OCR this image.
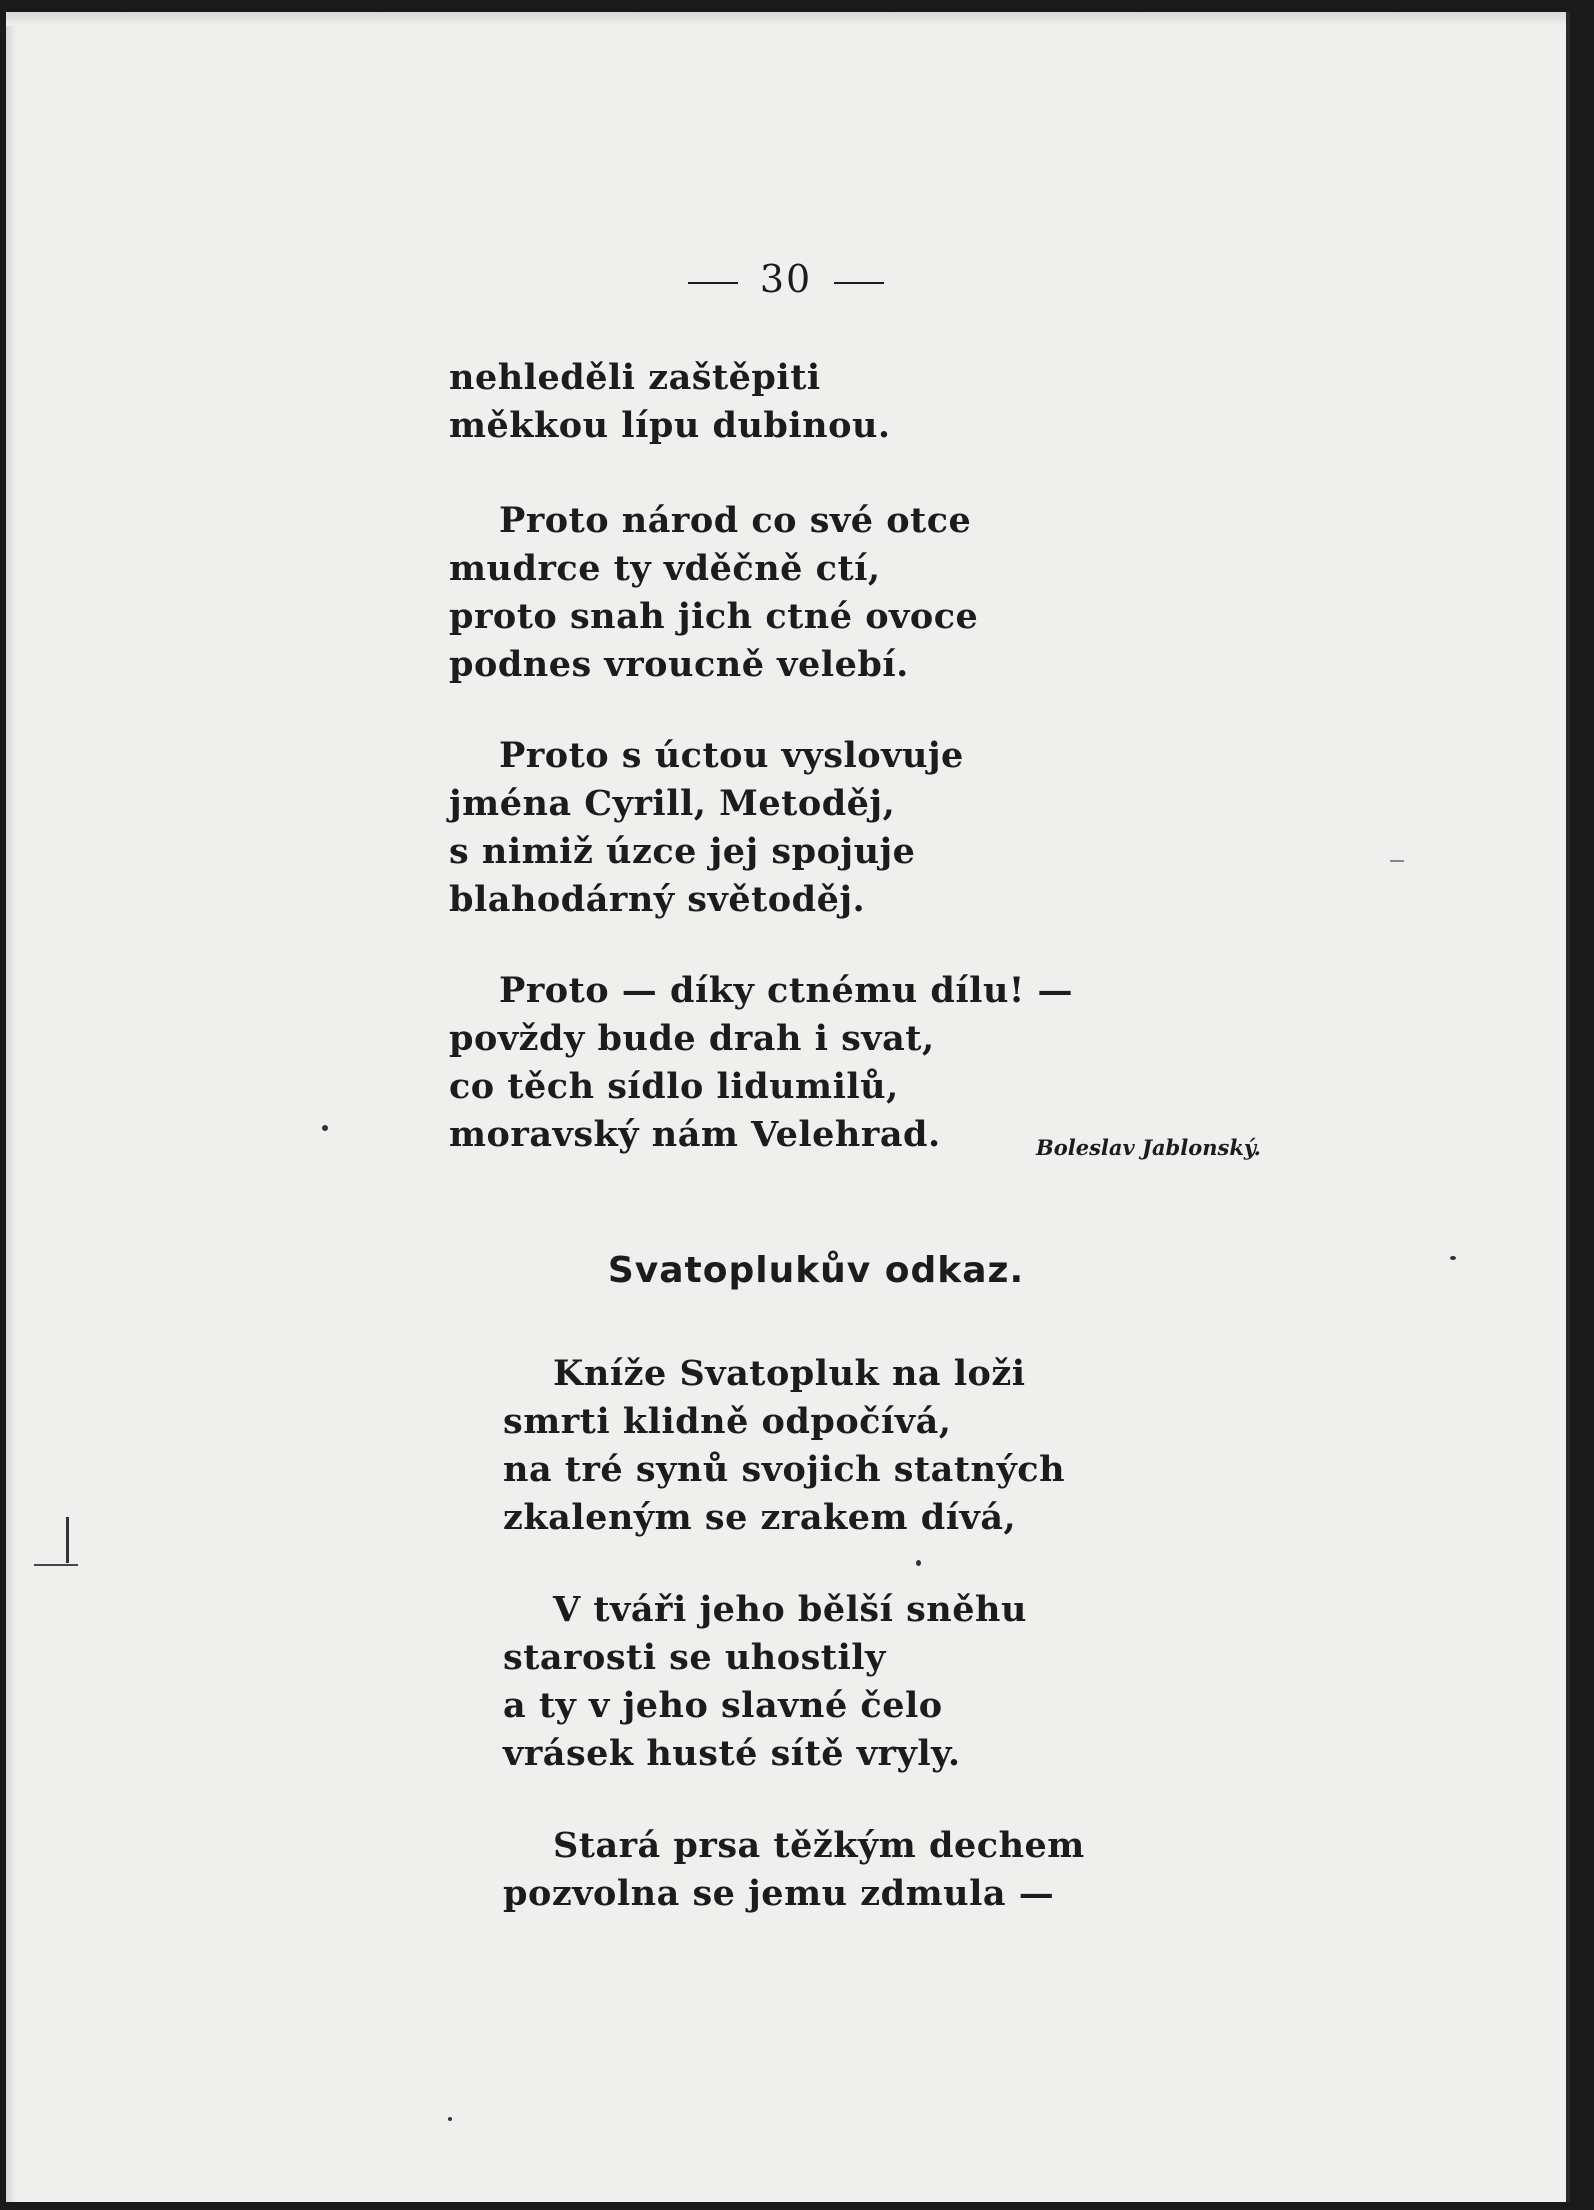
30
nehleděli zaštěpiti
měkkou lípu dubinou.
Proto národ co své otce
mudrce ty vděčně ctí,
proto snah jich ctné ovoce
podnes vroucně velebí.
Proto s úctou vyslovuje
jména Cyrill, Metoděj,
s nimiž úzce jej spojuje
blahodárný světoděj.
Proto — díky ctnému dílu! —
povždy bude drah i svat,
co těch sídlo lidumilů,
moravský nám Velehrad.	Boleslav Jablonský.
Svatoplukův odkaz.
Kníže Svatopluk na loži
smrti klidně odpočívá,
na tré synů svojich statných
zkaleným se zrakem dívá,
V tváři jeho bělší sněhu
starosti se uhostily
a ty v jeho slavné čelo
vrásek husté sítě vryly.
Stará prsa těžkým dechem
pozvolna se jemu zdmula —
